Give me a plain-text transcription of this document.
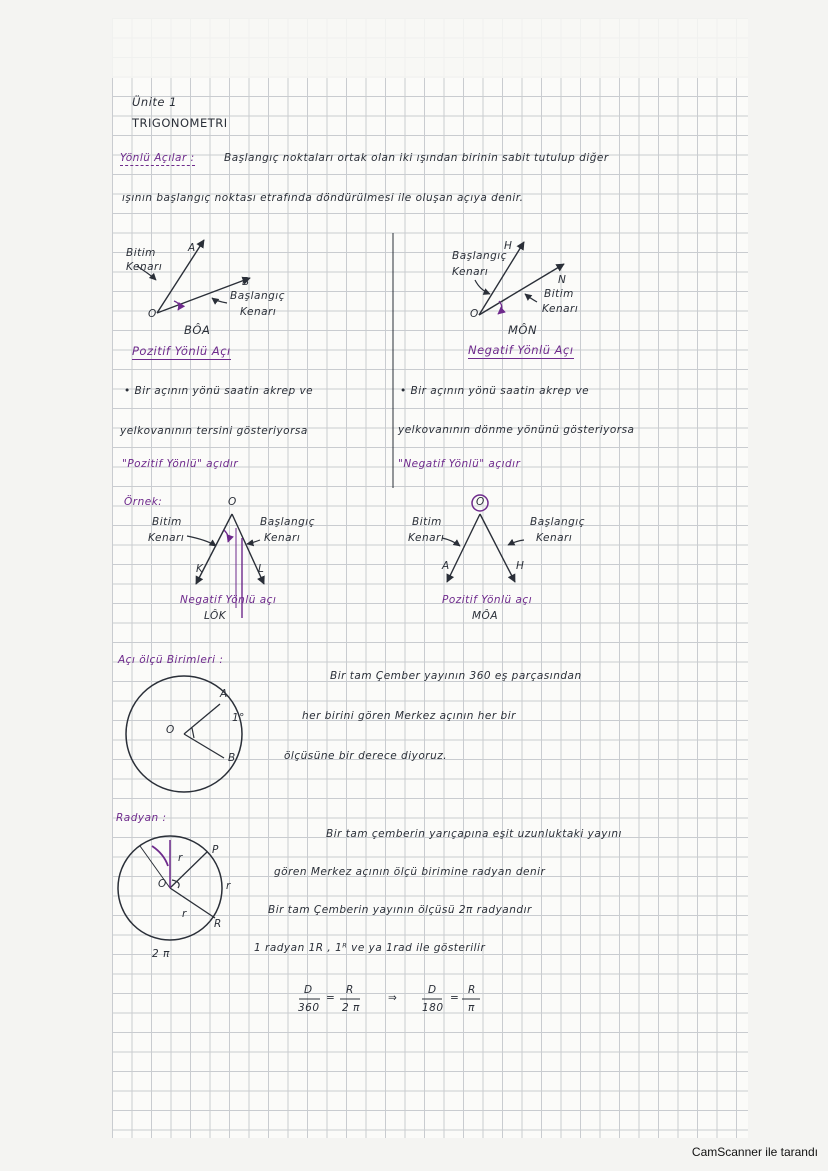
Ünite 1
TRIGONOMETRI
Yönlü Açılar :	Başlangıç noktaları ortak olan iki ışından birinin sabit tutulup diğer
ışının başlangıç noktası etrafında döndürülmesi ile oluşan açıya denir.
Bitim
Kenarı
A
B
O
Başlangıç
Kenarı
BÔA
Pozitif Yönlü Açı
Başlangıç
Kenarı
H
N
O
Bitim
Kenarı
MÔN
Negatif Yönlü Açı
• Bir açının yönü saatin akrep ve
yelkovanının tersini gösteriyorsa
"Pozitif Yönlü" açıdır
• Bir açının yönü saatin akrep ve
yelkovanının dönme yönünü gösteriyorsa
"Negatif Yönlü" açıdır
Örnek:	O
Bitim
Kenarı
Başlangıç
Kenarı
K	L
Negatif Yönlü açı
LÔK
O
Bitim
Kenarı
Başlangıç
Kenarı
A	H
Pozitif Yönlü açı
MÔA
Açı ölçü Birimleri :
Bir tam Çember yayının 360 eş parçasından
her birini gören Merkez açının her bir
ölçüsüne bir derece diyoruz.
O
A
B
1°
Radyan :
Bir tam çemberin yarıçapına eşit uzunluktaki yayını
gören Merkez açının ölçü birimine radyan denir
Bir tam Çemberin yayının ölçüsü 2π radyandır
1 radyan 1R , 1ᴿ ve ya 1rad ile gösterilir
r
r
r
P
R
O
2 π
D
360
=
R
2 π
⇒
D
180
=
R
π
CamScanner ile tarandı
